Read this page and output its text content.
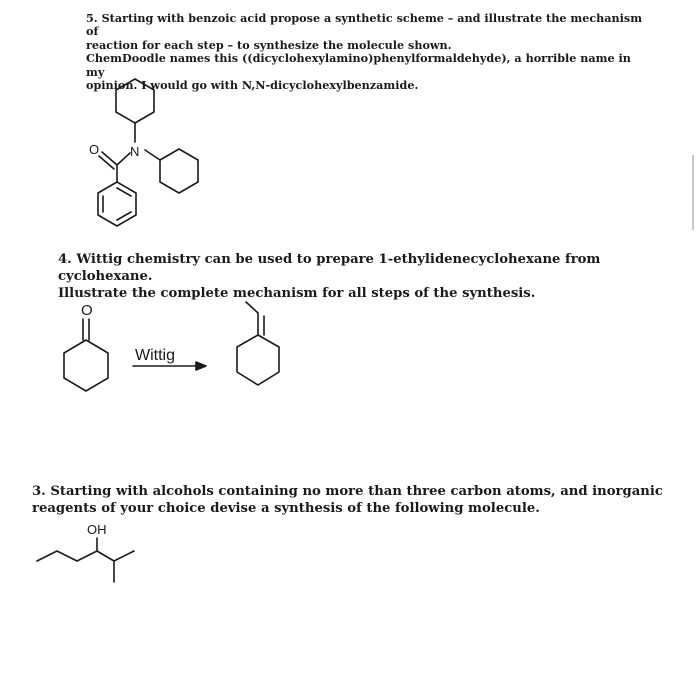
5. Starting with benzoic acid propose a synthetic scheme – and illustrate the mechanism of

reaction for each step – to synthesize the molecule shown.

ChemDoodle names this ((dicyclohexylamino)phenylformaldehyde), a horrible name in my

opinion. I would go with N,N-dicyclohexylbenzamide.

N
O

4. Wittig chemistry can be used to prepare 1-ethylidenecyclohexane from cyclohexane.

Illustrate the complete mechanism for all steps of the synthesis.

O
Wittig

3. Starting with alcohols containing no more than three carbon atoms, and inorganic

reagents of your choice devise a synthesis of the following molecule.

OH
